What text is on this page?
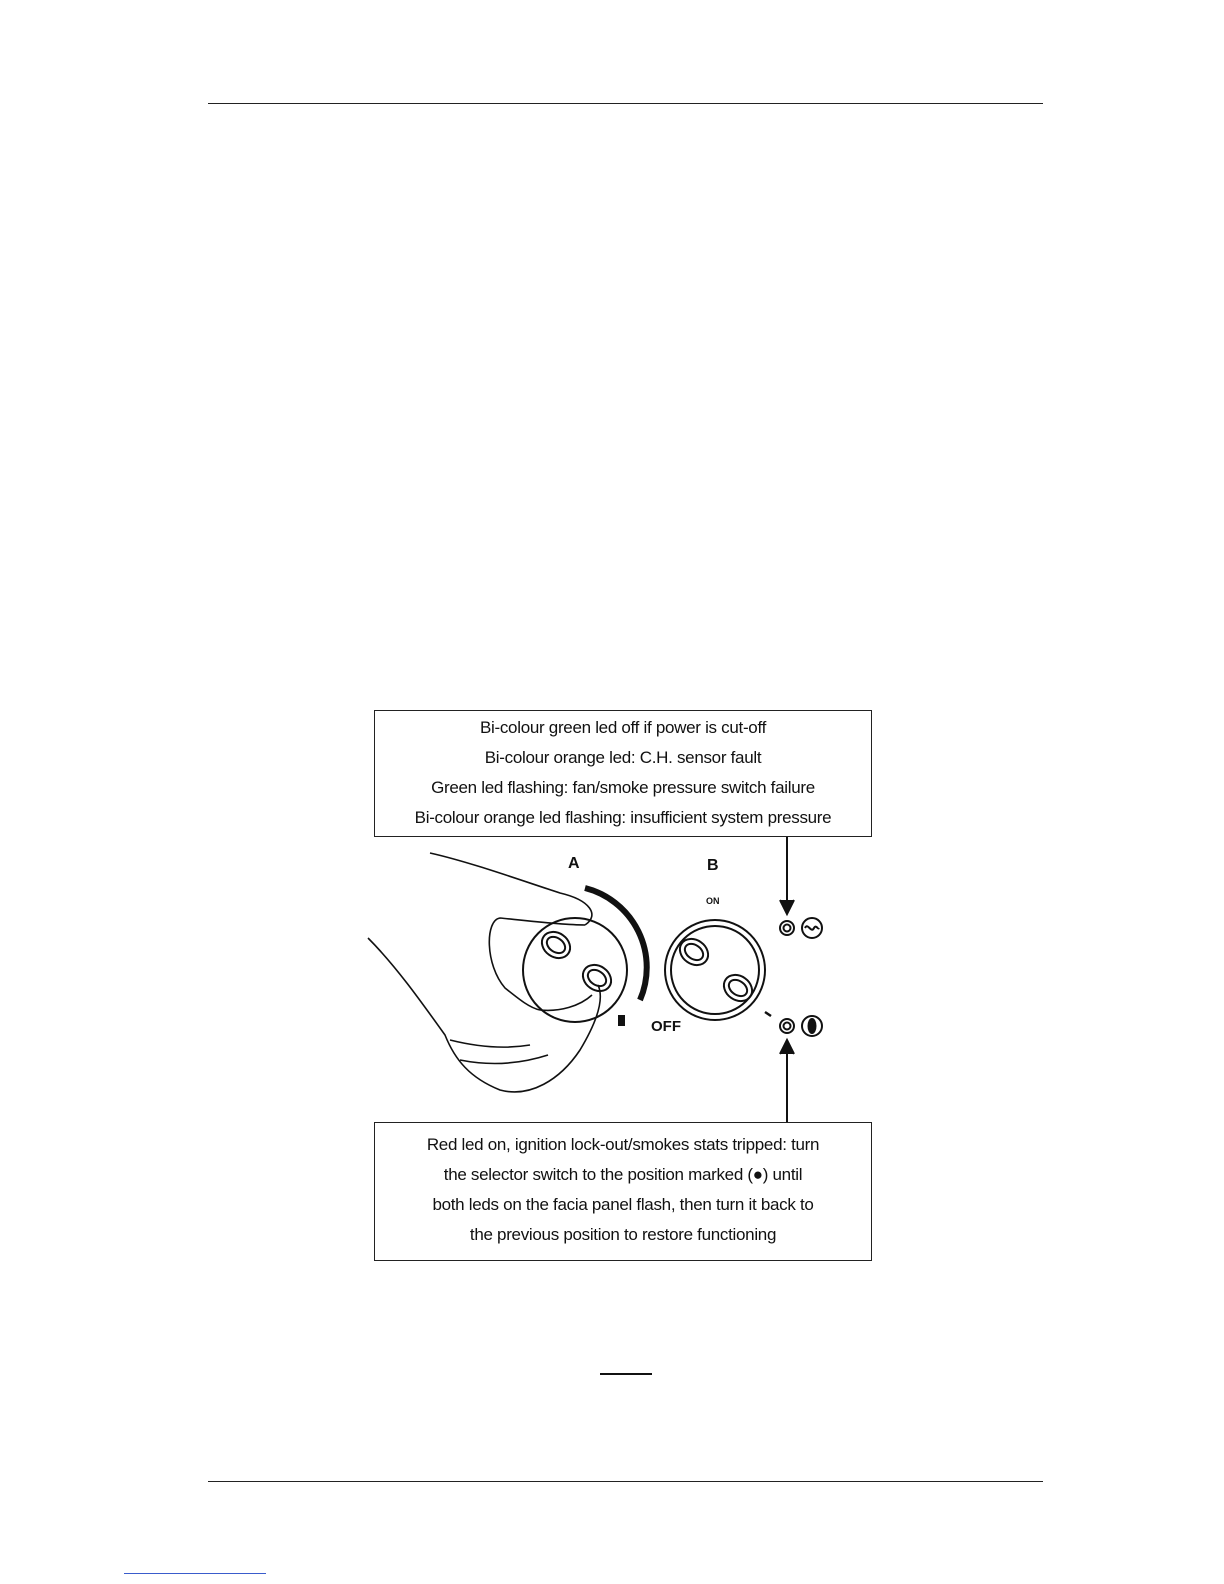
Bi-colour green led off if power is cut-off
Bi-colour orange led: C.H. sensor fault
Green led flashing: fan/smoke pressure switch failure
Bi-colour orange led flashing: insufficient system pressure
Red led on, ignition lock-out/smokes stats tripped: turn
the selector switch to the position marked (●) until
both leds on the facia panel flash, then turn it back to
the previous position to restore functioning
A	B
ON
OFF
